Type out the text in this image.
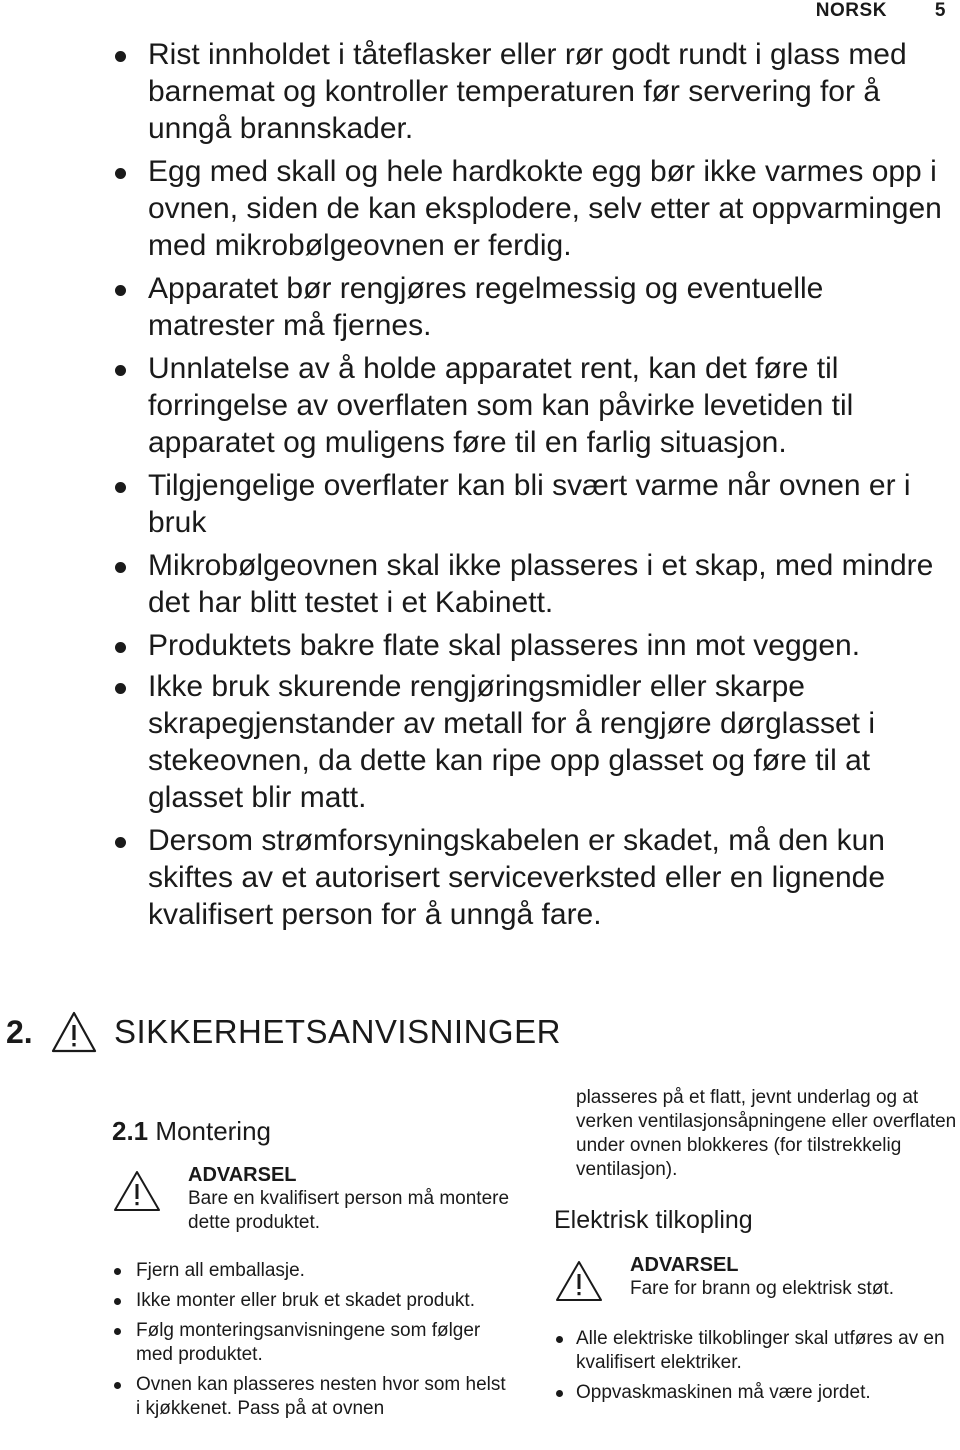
NORSK	5
Rist innholdet i tåteflasker eller rør godt rundt i glass med barnemat og kontroller temperaturen før servering for å unngå brannskader.
Egg med skall og hele hardkokte egg bør ikke varmes opp i ovnen, siden de kan eksplodere, selv etter at oppvarmingen med mikrobølgeovnen er ferdig.
Apparatet bør rengjøres regelmessig og eventuelle matrester må fjernes.
Unnlatelse av å holde apparatet rent, kan det føre til forringelse av overflaten som kan påvirke levetiden til apparatet og muligens føre til en farlig situasjon.
Tilgjengelige overflater kan bli svært varme når ovnen er i bruk
Mikrobølgeovnen skal ikke plasseres i et skap, med mindre det har blitt testet i et Kabinett.
Produktets bakre flate skal plasseres inn mot veggen.
Ikke bruk skurende rengjøringsmidler eller skarpe skrapegjenstander av metall for å rengjøre dørglasset i stekeovnen, da dette kan ripe opp glasset og føre til at glasset blir matt.
Dersom strømforsyningskabelen er skadet, må den kun skiftes av et autorisert serviceverksted eller en lignende kvalifisert person for å unngå fare.
2.	SIKKERHETSANVISNINGER
2.1 Montering
ADVARSEL
Bare en kvalifisert person må montere dette produktet.
Fjern all emballasje.
Ikke monter eller bruk et skadet produkt.
Følg monteringsanvisningene som følger med produktet.
Ovnen kan plasseres nesten hvor som helst i kjøkkenet. Pass på at ovnen

plasseres på et flatt, jevnt underlag og at verken ventilasjonsåpningene eller overflaten under ovnen blokkeres (for tilstrekkelig ventilasjon).

Elektrisk tilkopling
ADVARSEL
Fare for brann og elektrisk støt.
Alle elektriske tilkoblinger skal utføres av en kvalifisert elektriker.
Oppvaskmaskinen må være jordet.
